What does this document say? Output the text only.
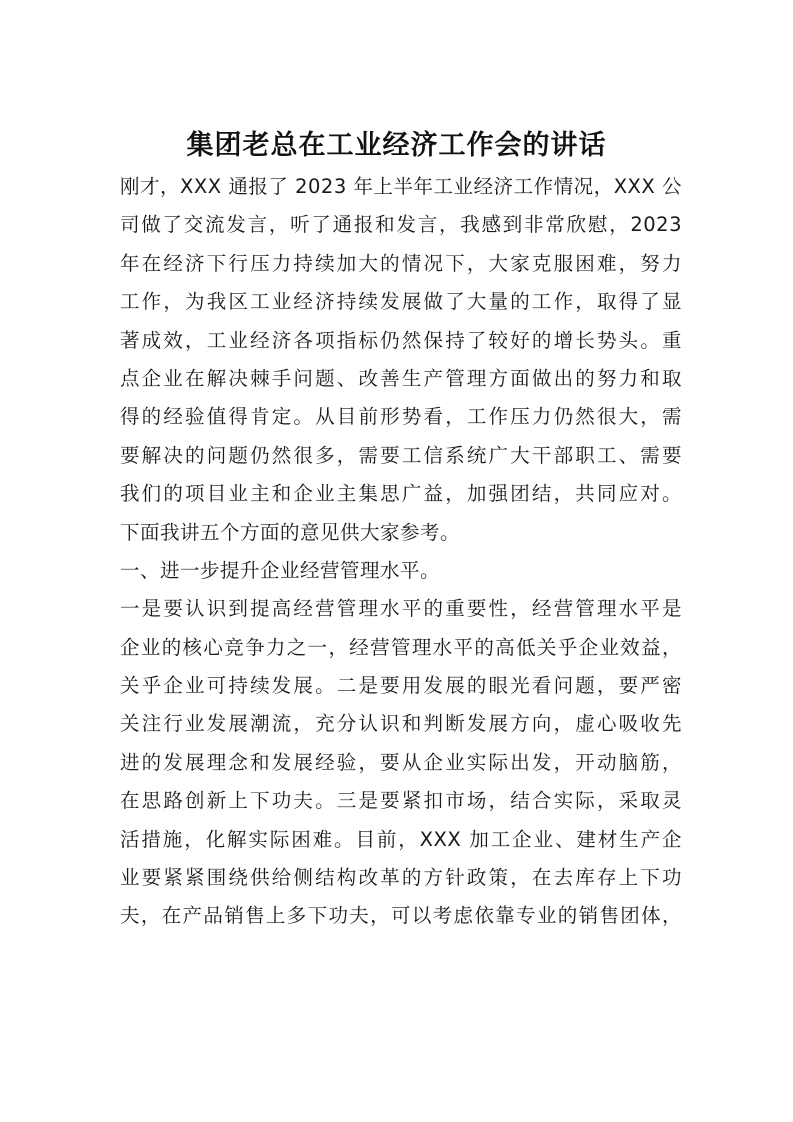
集团老总在工业经济工作会的讲话
刚才，XXX 通报了 2023 年上半年工业经济工作情况，XXX 公
司做了交流发言，听了通报和发言，我感到非常欣慰，2023
年在经济下行压力持续加大的情况下，大家克服困难，努力
工作，为我区工业经济持续发展做了大量的工作，取得了显
著成效，工业经济各项指标仍然保持了较好的增长势头。重
点企业在解决棘手问题、改善生产管理方面做出的努力和取
得的经验值得肯定。从目前形势看，工作压力仍然很大，需
要解决的问题仍然很多，需要工信系统广大干部职工、需要
我们的项目业主和企业主集思广益，加强团结，共同应对。
下面我讲五个方面的意见供大家参考。
一、进一步提升企业经营管理水平。
一是要认识到提高经营管理水平的重要性，经营管理水平是
企业的核心竞争力之一，经营管理水平的高低关乎企业效益，
关乎企业可持续发展。二是要用发展的眼光看问题，要严密
关注行业发展潮流，充分认识和判断发展方向，虚心吸收先
进的发展理念和发展经验，要从企业实际出发，开动脑筋，
在思路创新上下功夫。三是要紧扣市场，结合实际，采取灵
活措施，化解实际困难。目前，XXX 加工企业、建材生产企
业要紧紧围绕供给侧结构改革的方针政策，在去库存上下功
夫，在产品销售上多下功夫，可以考虑依靠专业的销售团体，
